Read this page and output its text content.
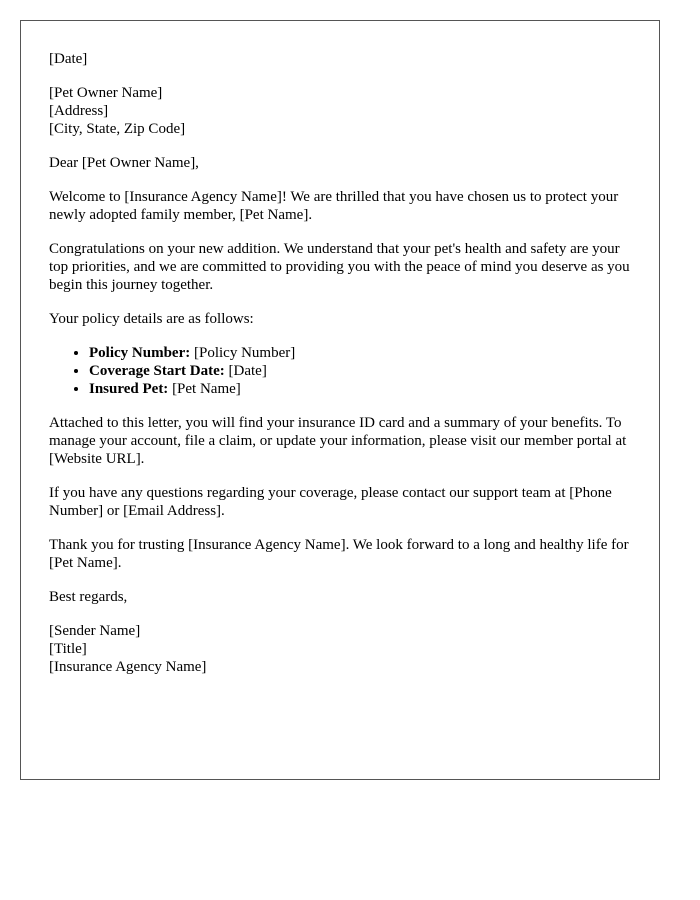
[Date]

[Pet Owner Name]
[Address]
[City, State, Zip Code]

Dear [Pet Owner Name],

Welcome to [Insurance Agency Name]! We are thrilled that you have chosen us to protect your newly adopted family member, [Pet Name].

Congratulations on your new addition. We understand that your pet's health and safety are your top priorities, and we are committed to providing you with the peace of mind you deserve as you begin this journey together.

Your policy details are as follows:

• Policy Number: [Policy Number]
• Coverage Start Date: [Date]
• Insured Pet: [Pet Name]

Attached to this letter, you will find your insurance ID card and a summary of your benefits. To manage your account, file a claim, or update your information, please visit our member portal at [Website URL].

If you have any questions regarding your coverage, please contact our support team at [Phone Number] or [Email Address].

Thank you for trusting [Insurance Agency Name]. We look forward to a long and healthy life for [Pet Name].

Best regards,

[Sender Name]
[Title]
[Insurance Agency Name]
